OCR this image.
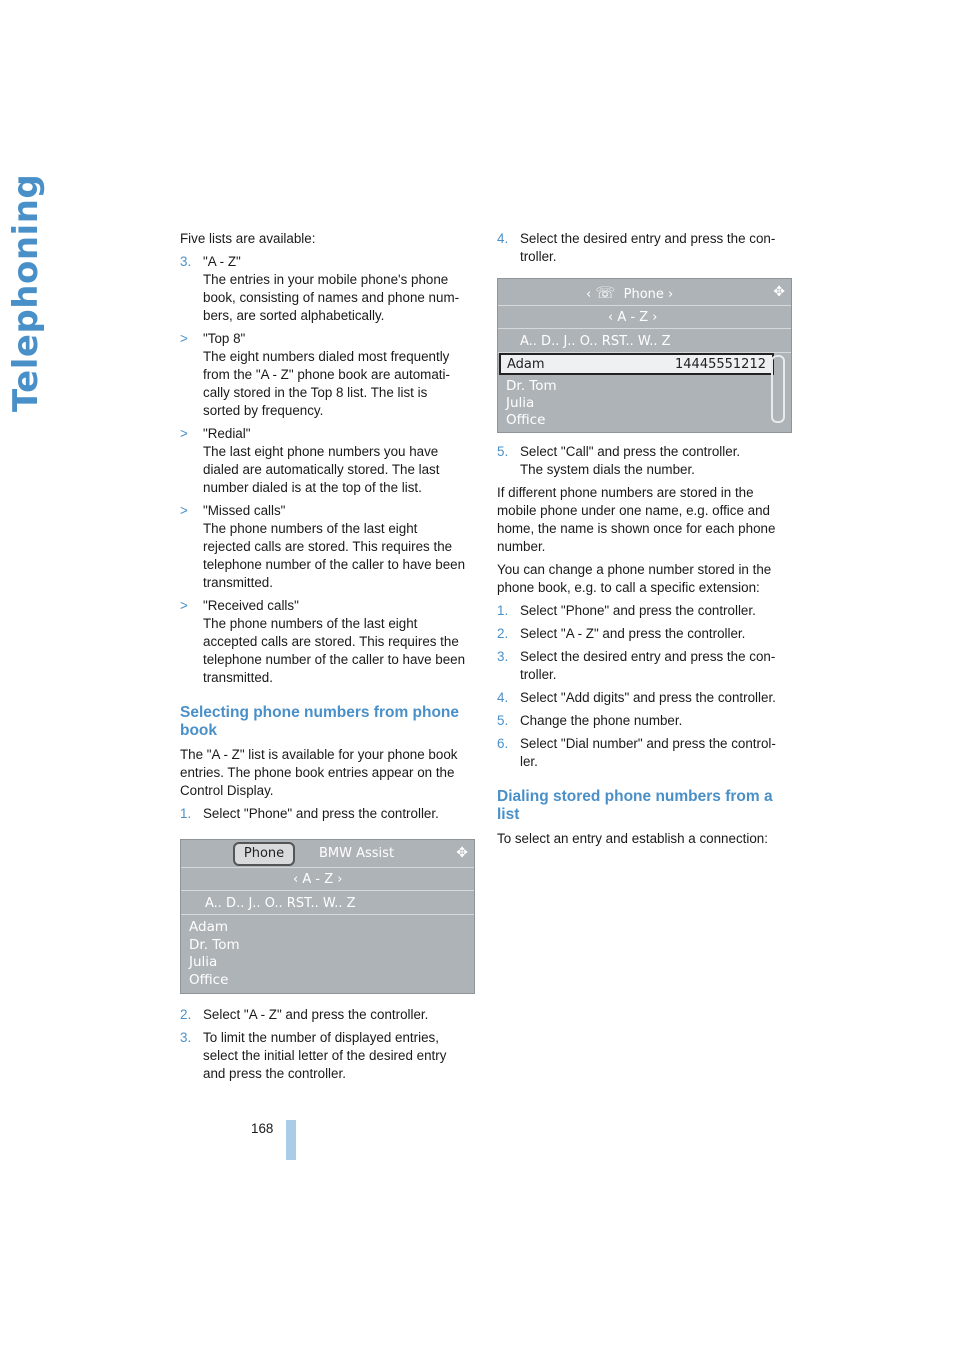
Telephoning
168

Five lists are available:

3. "A - Z"
The entries in your mobile phone's phone
book, consisting of names and phone num-
bers, are sorted alphabetically.
> "Top 8"
The eight numbers dialed most frequently
from the "A - Z" phone book are automati-
cally stored in the Top 8 list. The list is
sorted by frequency.
> "Redial"
The last eight phone numbers you have
dialed are automatically stored. The last
number dialed is at the top of the list.
> "Missed calls"
The phone numbers of the last eight
rejected calls are stored. This requires the
telephone number of the caller to have been
transmitted.
> "Received calls"
The phone numbers of the last eight
accepted calls are stored. This requires the
telephone number of the caller to have been
transmitted.
Selecting phone numbers from phone book

The "A - Z" list is available for your phone book
entries. The phone book entries appear on the
Control Display.

1. Select "Phone" and press the controller.
Phone	BMW Assist	✥
‹ A - Z ›
A.. D.. J.. O.. RST.. W.. Z
Adam
Dr. Tom
Julia
Office
2. Select "A - Z" and press the controller.
3. To limit the number of displayed entries,
select the initial letter of the desired entry
and press the controller.
4. Select the desired entry and press the con-
troller.
‹ ☏ Phone ›	✥
‹ A - Z ›
A.. D.. J.. O.. RST.. W.. Z
Adam	14445551212
Dr. Tom
Julia
Office
5. Select "Call" and press the controller.
The system dials the number.

If different phone numbers are stored in the
mobile phone under one name, e.g. office and
home, the name is shown once for each phone
number.

You can change a phone number stored in the
phone book, e.g. to call a specific extension:

1. Select "Phone" and press the controller.
2. Select "A - Z" and press the controller.
3. Select the desired entry and press the con-
troller.
4. Select "Add digits" and press the controller.
5. Change the phone number.
6. Select "Dial number" and press the control-
ler.
Dialing stored phone numbers from a list

To select an entry and establish a connection:
